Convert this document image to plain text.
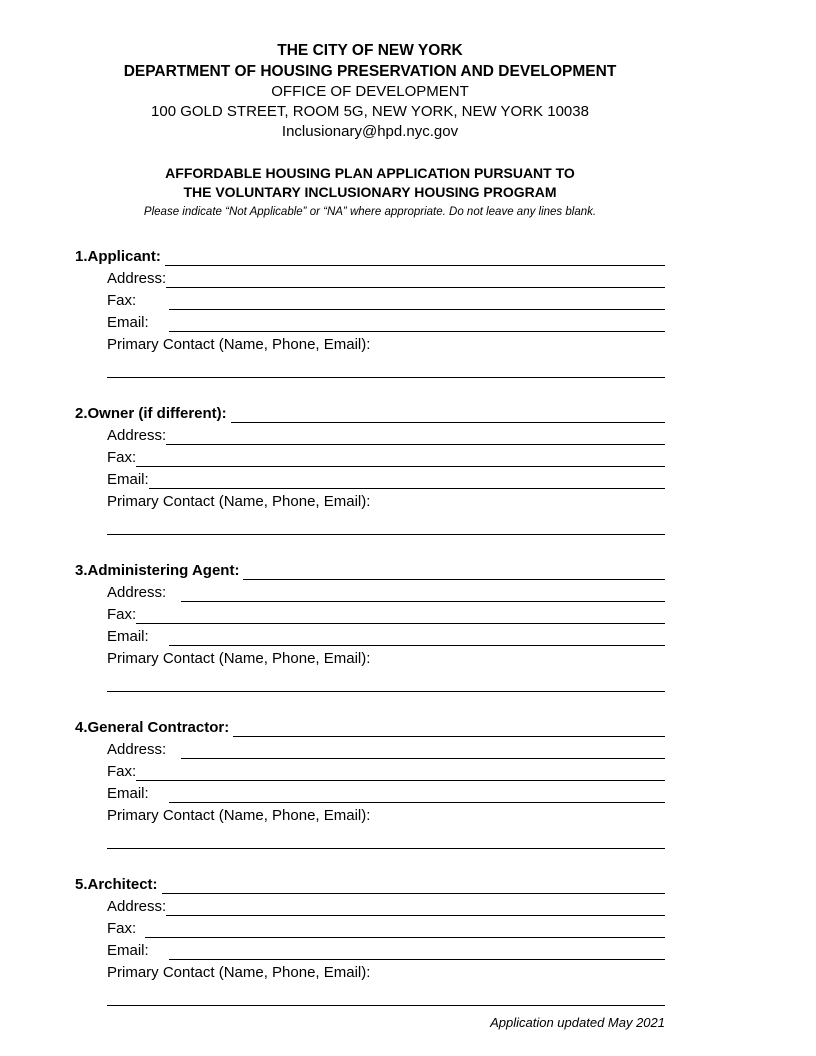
THE CITY OF NEW YORK
DEPARTMENT OF HOUSING PRESERVATION AND DEVELOPMENT
OFFICE OF DEVELOPMENT
100 GOLD STREET, ROOM 5G, NEW YORK, NEW YORK 10038
Inclusionary@hpd.nyc.gov
AFFORDABLE HOUSING PLAN APPLICATION PURSUANT TO
THE VOLUNTARY INCLUSIONARY HOUSING PROGRAM
Please indicate “Not Applicable” or “NA” where appropriate. Do not leave any lines blank.
1.Applicant:
Address:
Fax:
Email:
Primary Contact (Name, Phone, Email):
2.Owner (if different):
Address:
Fax:
Email:
Primary Contact (Name, Phone, Email):
3.Administering Agent:
Address:
Fax:
Email:
Primary Contact (Name, Phone, Email):
4.General Contractor:
Address:
Fax:
Email:
Primary Contact (Name, Phone, Email):
5.Architect:
Address:
Fax:
Email:
Primary Contact (Name, Phone, Email):
Application updated May 2021
